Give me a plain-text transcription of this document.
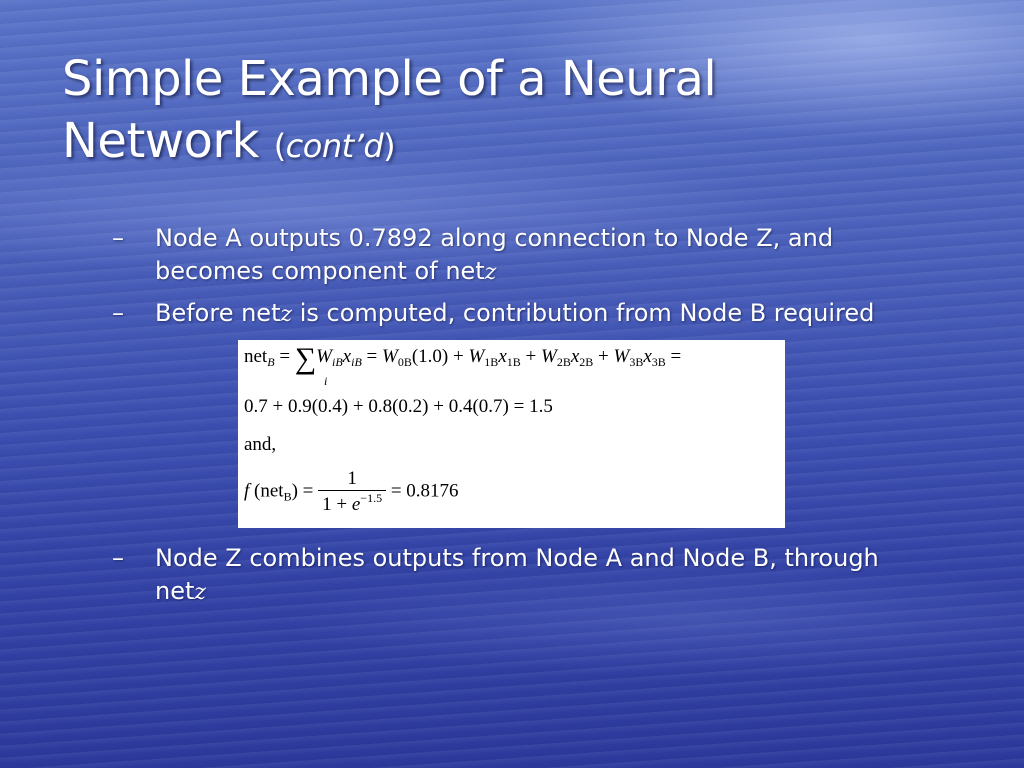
Simple Example of a Neural
Network (cont’d)
–	Node A outputs 0.7892 along connection to Node Z, and becomes component of netz
–	Before netz is computed, contribution from Node B required
net$_B$ = ∑
i
$W_{iB}x_{iB} = W_{0B}(1.0) + W_{1B}x_{1B} + W_{2B}x_{2B} + W_{3B}x_{3B}$ =
0.7 + 0.9(0.4) + 0.8(0.2) + 0.4(0.7) = 1.5
and,
f $(net_B) = \frac{1}{1 + e^{-1.5}} = 0.8176$
–	Node Z combines outputs from Node A and Node B, through netz
